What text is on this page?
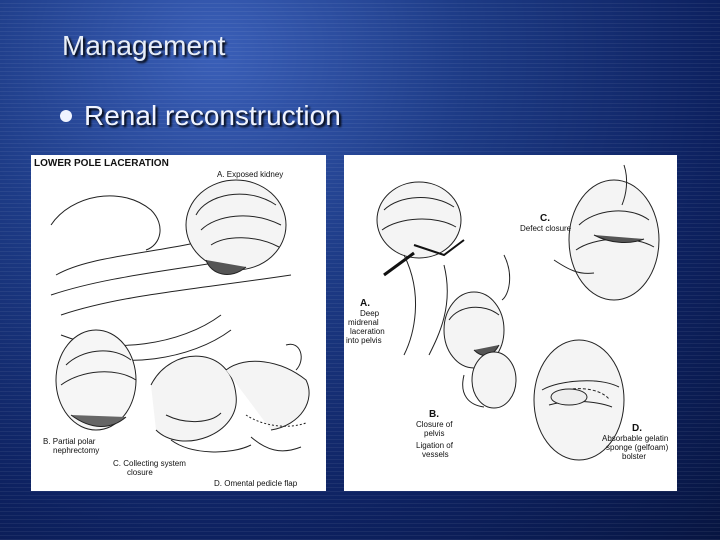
Management
Renal reconstruction
LOWER POLE LACERATION
A. Exposed kidney
B. Partial polar
nephrectomy
C. Collecting system
closure
D. Omental pedicle flap
A.
Deep
midrenal
laceration
into pelvis
B.
Closure of
pelvis
Ligation of
vessels
C.
Defect closure
D.
Absorbable gelatin
sponge (gelfoam)
bolster
